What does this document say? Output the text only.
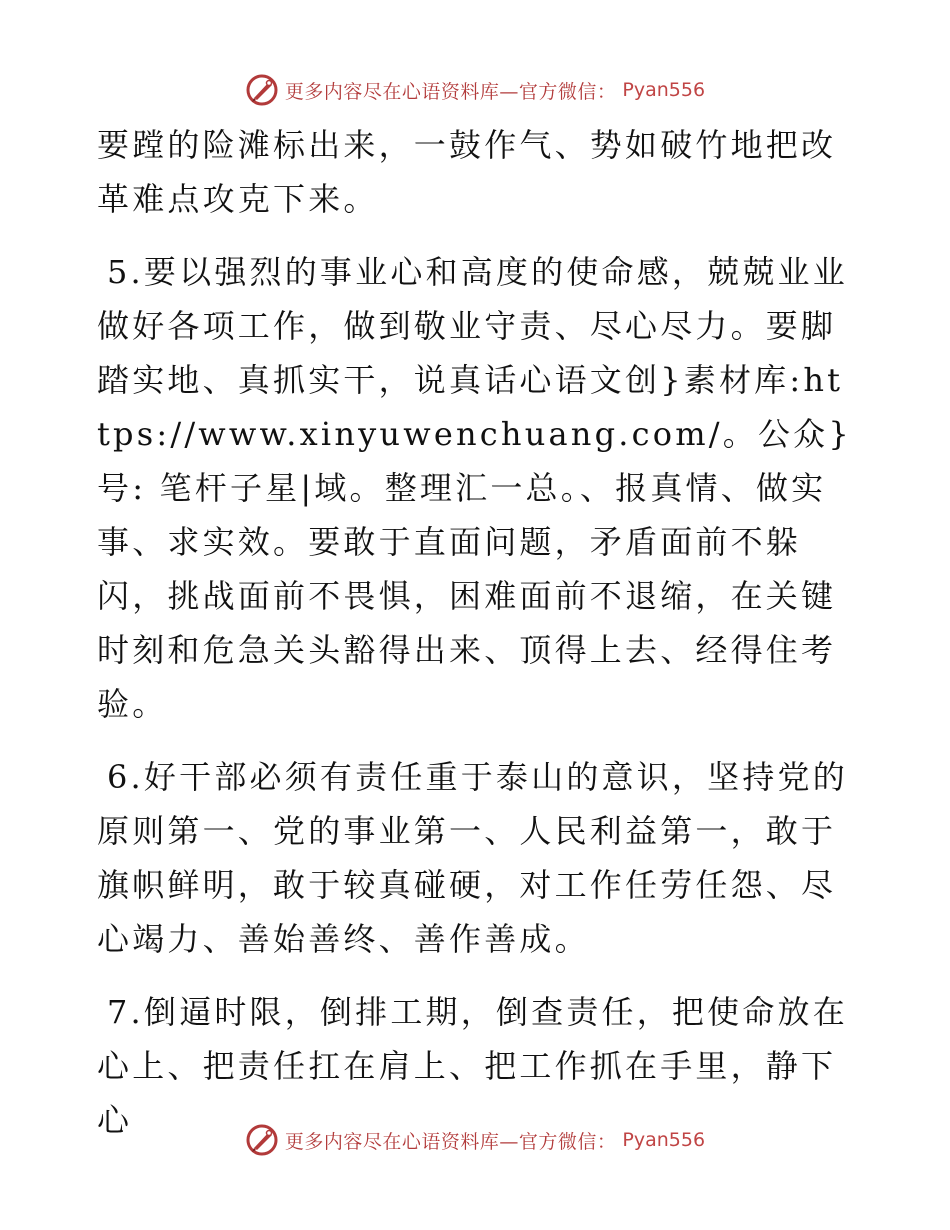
更多内容尽在心语资料库—官方微信： Pyan556

要蹚的险滩标出来，一鼓作气、势如破竹地把改革难点攻克下来。

5.要以强烈的事业心和高度的使命感，兢兢业业做好各项工作，做到敬业守责、尽心尽力。要脚踏实地、真抓实干，说真话心语文创}素材库:https://www.xinyuwenchuang.com/。公众}号: 笔杆子星|域。整理汇一总。、报真情、做实事、求实效。要敢于直面问题，矛盾面前不躲闪，挑战面前不畏惧，困难面前不退缩，在关键时刻和危急关头豁得出来、顶得上去、经得住考验。

6.好干部必须有责任重于泰山的意识，坚持党的原则第一、党的事业第一、人民利益第一，敢于旗帜鲜明，敢于较真碰硬，对工作任劳任怨、尽心竭力、善始善终、善作善成。

7.倒逼时限，倒排工期，倒查责任，把使命放在心上、把责任扛在肩上、把工作抓在手里，静下心

更多内容尽在心语资料库—官方微信： Pyan556
